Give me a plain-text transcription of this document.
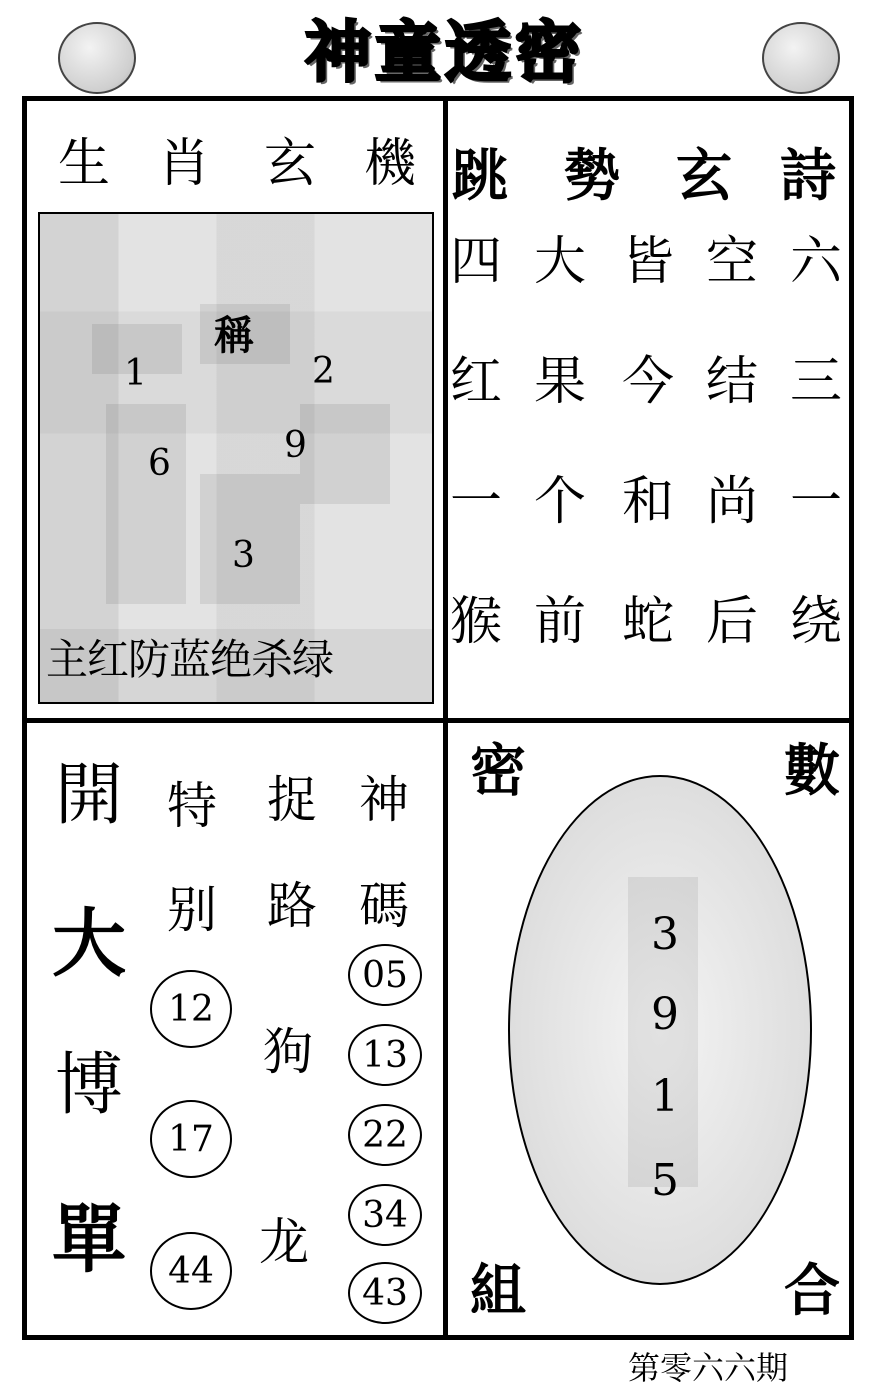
神童透密
生 肖 玄 機
稱
1	2
9
6
3
主红防蓝绝杀绿
跳 勢 玄 詩
四 大 皆 空 六
红 果 今 结 三
一 个 和 尚 一
猴 前 蛇 后 绕
開
大
博
單
特
别
12
17
44
捉
路
狗
龙
神
碼
05
13
22
34
43
密	數
組	合
3
9
1
5
第零六六期
